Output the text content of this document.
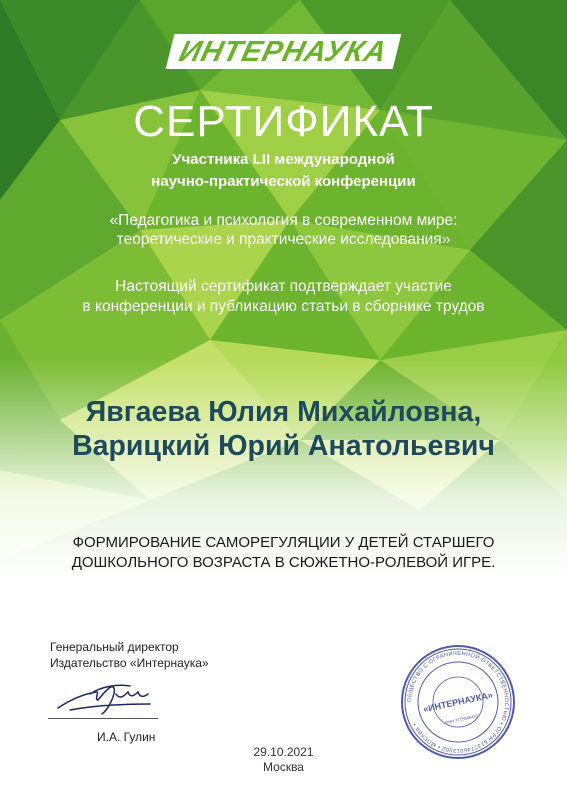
ИНТЕРНАУКА
СЕРТИФИКАТ
Участника LII международной
научно-практической конференции
«Педагогика и психология в современном мире:
теоретические и практические исследования»
Настоящий сертификат подтверждает участие
в конференции и публикацию статьи в сборнике трудов
Явгаева Юлия Михайловна,
Варицкий Юрий Анатольевич
ФОРМИРОВАНИЕ САМОРЕГУЛЯЦИИ У ДЕТЕЙ СТАРШЕГО
ДОШКОЛЬНОГО ВОЗРАСТА В СЮЖЕТНО-РОЛЕВОЙ ИГРЕ.
Генеральный директор
Издательство «Интернаука»
И.А. Гулин
29.10.2021
Москва
ОБЩЕСТВО С ОГРАНИЧЕННОЙ ОТВЕТСТВЕННОСТЬЮ • ОГРН 5137746013002 • МОСКВА •
«ИНТЕРНАУКА»
ИНН 7715966433
